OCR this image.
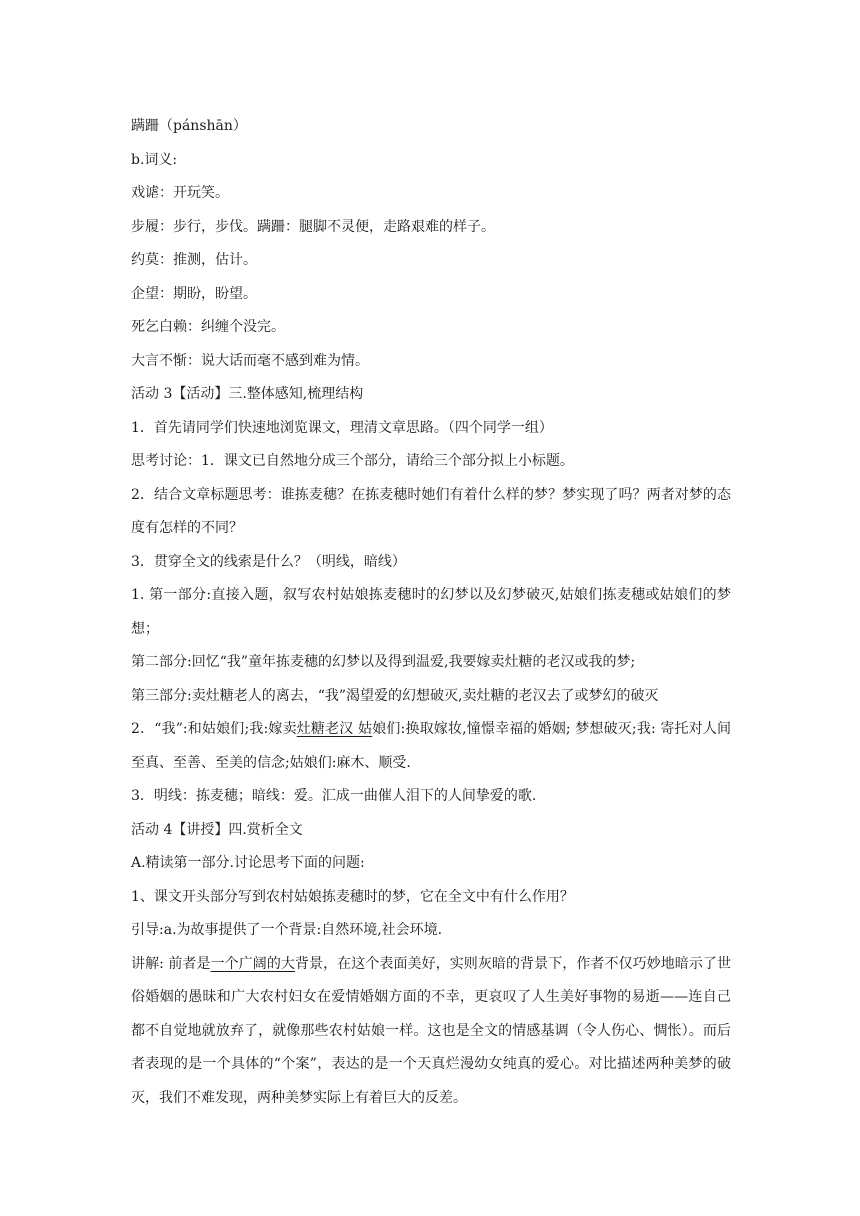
蹒跚（pánshān）

b.词义:

戏谑：开玩笑。

步履：步行，步伐。蹒跚：腿脚不灵便，走路艰难的样子。

约莫：推测，估计。

企望：期盼，盼望。

死乞白赖：纠缠个没完。

大言不惭：说大话而毫不感到难为情。

活动 3【活动】三.整体感知,梳理结构

1．首先请同学们快速地浏览课文，理清文章思路。（四个同学一组）

思考讨论：1．课文已自然地分成三个部分，请给三个部分拟上小标题。

2．结合文章标题思考：谁拣麦穗？在拣麦穗时她们有着什么样的梦？梦实现了吗？两者对梦的态度有怎样的不同？

3．贯穿全文的线索是什么？（明线，暗线）

1. 第一部分:直接入题，叙写农村姑娘拣麦穗时的幻梦以及幻梦破灭,姑娘们拣麦穗或姑娘们的梦想；

第二部分:回忆“我”童年拣麦穗的幻梦以及得到温爱,我要嫁卖灶糖的老汉或我的梦;

第三部分:卖灶糖老人的离去，“我”渴望爱的幻想破灭,卖灶糖的老汉去了或梦幻的破灭

2．“我”:和姑娘们;我:嫁卖灶糖老汉 姑娘们:换取嫁妆,憧憬幸福的婚姻; 梦想破灭;我: 寄托对人间至真、至善、至美的信念;姑娘们:麻木、顺受.

3．明线：拣麦穗；暗线：爱。汇成一曲催人泪下的人间挚爱的歌.

活动 4【讲授】四.赏析全文

A.精读第一部分.讨论思考下面的问题:

1、课文开头部分写到农村姑娘拣麦穗时的梦，它在全文中有什么作用？

引导:a.为故事提供了一个背景:自然环境,社会环境.

讲解: 前者是一个广阔的大背景，在这个表面美好，实则灰暗的背景下，作者不仅巧妙地暗示了世俗婚姻的愚昧和广大农村妇女在爱情婚姻方面的不幸，更哀叹了人生美好事物的易逝——连自己都不自觉地就放弃了，就像那些农村姑娘一样。这也是全文的情感基调（令人伤心、惆怅）。而后者表现的是一个具体的“个案”，表达的是一个天真烂漫幼女纯真的爱心。对比描述两种美梦的破灭，我们不难发现，两种美梦实际上有着巨大的反差。
